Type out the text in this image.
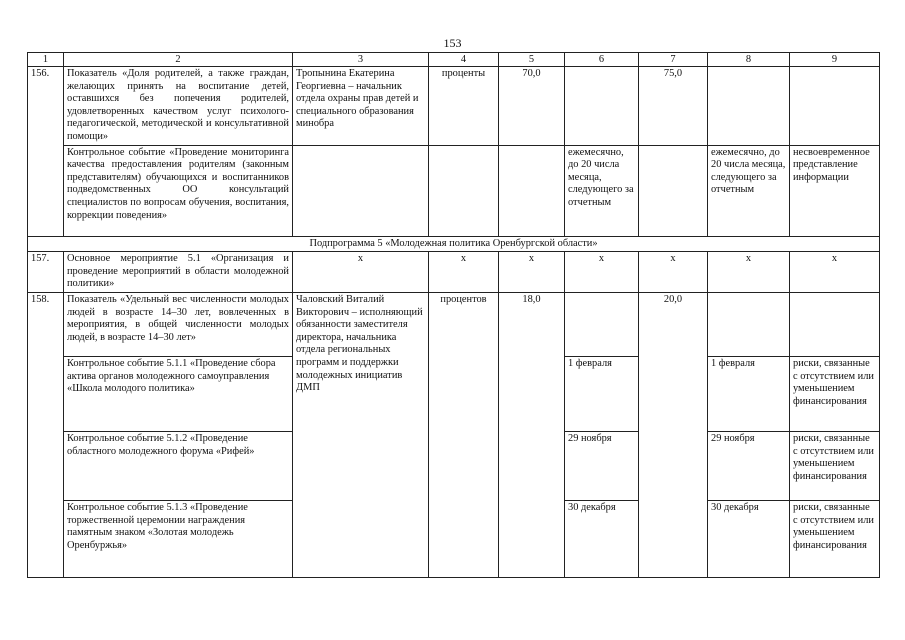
153
1	2	3	4	5	6	7	8	9
156.	Показатель «Доля родителей, а также граждан, желающих принять на воспитание детей, оставшихся без попечения родителей, удовлетворенных качеством услуг психолого-педагогической, методической и консультативной помощи»	Тропынина Екатерина Георгиевна – начальник отдела охраны прав детей и специального образования минобра	проценты	70,0		75,0		
	Контрольное событие «Проведение мониторинга качества предоставления родителям (законным представителям) обучающихся и воспитанников подведомственных ОО консультаций специалистов по вопросам обучения, воспитания, коррекции поведения»				ежемесячно, до 20 числа месяца, следующего за отчетным		ежемесячно, до 20 числа месяца, следующего за отчетным	несвоевременное представление информации
Подпрограмма 5 «Молодежная политика Оренбургской области»								
157.	Основное мероприятие 5.1 «Организация и проведение мероприятий в области молодежной политики»	x	x	x	x	x	x	x
158.	Показатель «Удельный вес численности молодых людей в возрасте 14–30 лет, вовлеченных в мероприятия, в общей численности молодых людей, в возрасте 14–30 лет»	Чаловский Виталий Викторович – исполняющий обязанности заместителя директора, начальника отдела региональных программ и поддержки молодежных инициатив ДМП	процентов	18,0		20,0		
	Контрольное событие 5.1.1 «Проведение сбора актива органов молодежного самоуправления «Школа молодого политика»				1 февраля		1 февраля	риски, связанные с отсутствием или уменьшением финансирования
	Контрольное событие 5.1.2 «Проведение областного молодежного форума «Рифей»				29 ноября		29 ноября	риски, связанные с отсутствием или уменьшением финансирования
	Контрольное событие 5.1.3 «Проведение торжественной церемонии награждения памятным знаком «Золотая молодежь Оренбуржья»				30 декабря		30 декабря	риски, связанные с отсутствием или уменьшением финансирования
